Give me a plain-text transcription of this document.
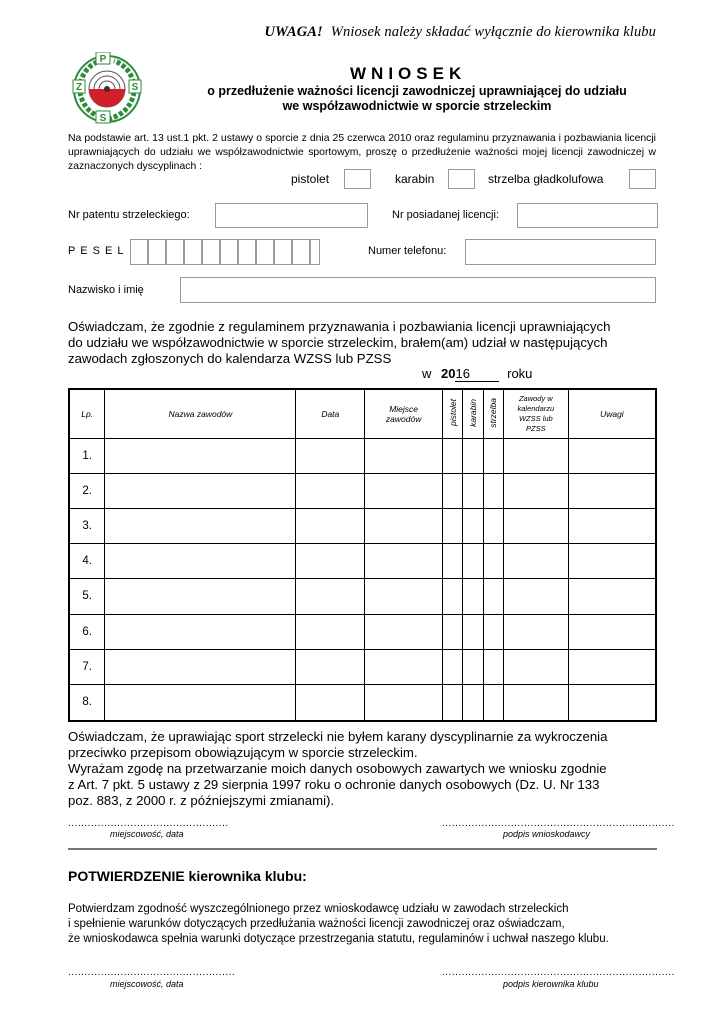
UWAGA! Wniosek należy składać wyłącznie do kierownika klubu
P
Z	S
S
WNIOSEK
o przedłużenie ważności licencji zawodniczej uprawniającej do udziału
we współzawodnictwie w sporcie strzeleckim
Na podstawie art. 13 ust.1 pkt. 2 ustawy o sporcie z dnia 25 czerwca 2010 oraz regulaminu przyznawania i pozbawiania licencji uprawniających do udziału we współzawodnictwie sportowym, proszę o przedłużenie ważności mojej licencji zawodniczej w zaznaczonych dyscyplinach :
pistolet	karabin	strzelba gładkolufowa
Nr patentu strzeleckiego:	Nr posiadanej licencji:
P E S E L	Numer telefonu:
Nazwisko i imię
Oświadczam, że zgodnie z regulaminem przyznawania i pozbawiania licencji uprawniających do udziału we współzawodnictwie w sporcie strzeleckim, brałem(am) udział w następujących zawodach zgłoszonych do kalendarza WZSS lub PZSS
w 2016	roku
Lp.	Nazwa zawodów	Data	Miejsce zawodów	pistolet	karabin	strzelba	Zawody w kalendarzu WZSS lub PZSS	Uwagi
1.								
2.								
3.								
4.								
5.								
6.								
7.								
8.								
Oświadczam, że uprawiając sport strzelecki nie byłem karany dyscyplinarnie za wykroczenia
przeciwko przepisom obowiązującym w sporcie strzeleckim.
Wyrażam zgodę na przetwarzanie moich danych osobowych zawartych we wniosku zgodnie
z Art. 7 pkt. 5 ustawy z 29 sierpnia 1997 roku o ochronie danych osobowych (Dz. U. Nr 133
poz. 883, z 2000 r. z późniejszymi zmianami).
.................................................
miejscowość, data
.......................................................................
podpis wnioskodawcy
POTWIERDZENIE kierownika klubu:
Potwierdzam zgodność wyszczególnionego przez wnioskodawcę udziału w zawodach strzeleckich
i spełnienie warunków dotyczących przedłużania ważności licencji zawodniczej oraz oświadczam,
że wnioskodawca spełnia warunki dotyczące przestrzegania statutu, regulaminów i uchwał naszego klubu.
...................................................
miejscowość, data
.......................................................................
podpis kierownika klubu
